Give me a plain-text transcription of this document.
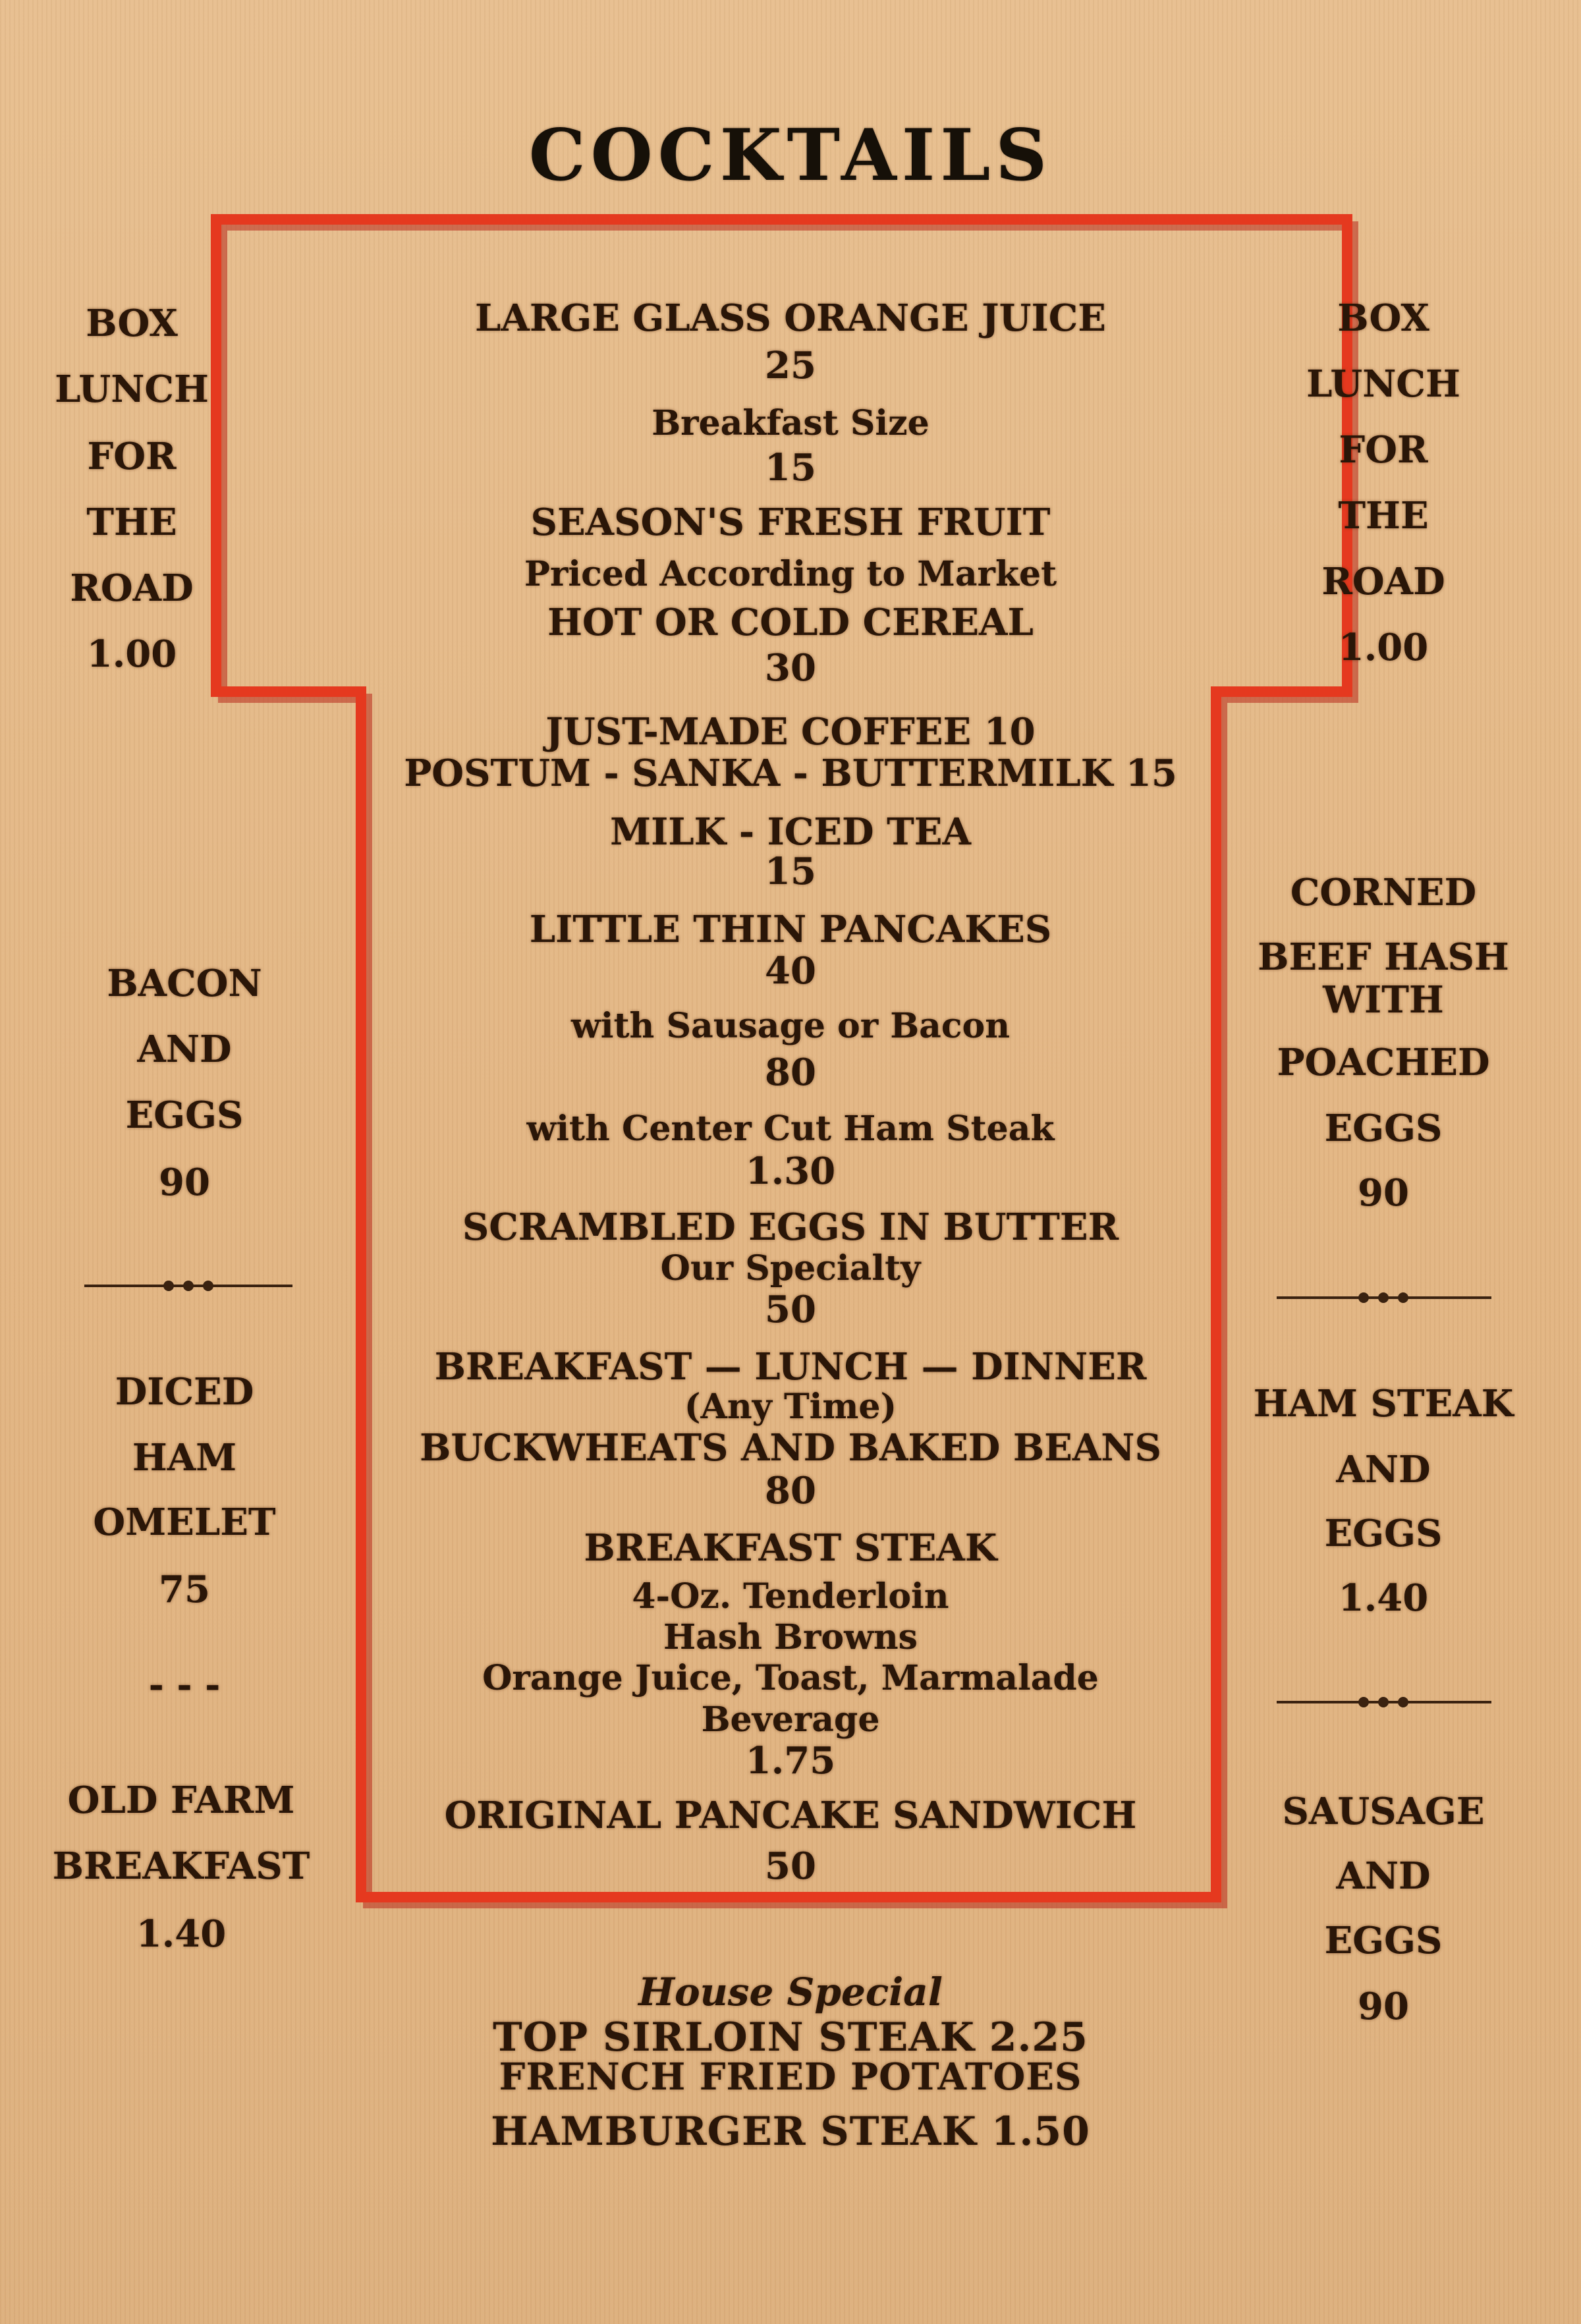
COCKTAILS
LARGE GLASS ORANGE JUICE
25
Breakfast Size
15
SEASON'S FRESH FRUIT
Priced According to Market
HOT OR COLD CEREAL
30
JUST-MADE COFFEE 10
POSTUM - SANKA - BUTTERMILK 15
MILK - ICED TEA
15
LITTLE THIN PANCAKES
40
with Sausage or Bacon
80
with Center Cut Ham Steak
1.30
SCRAMBLED EGGS IN BUTTER
Our Specialty
50
BREAKFAST — LUNCH — DINNER
(Any Time)
BUCKWHEATS AND BAKED BEANS
80
BREAKFAST STEAK
4-Oz. Tenderloin
Hash Browns
Orange Juice, Toast, Marmalade
Beverage
1.75
ORIGINAL PANCAKE SANDWICH
50
BOX
LUNCH
FOR
THE
ROAD
1.00
BACON
AND
EGGS
90
DICED
HAM
OMELET
75
- - -
OLD FARM
BREAKFAST
1.40
BOX
LUNCH
FOR
THE
ROAD
1.00
CORNED
BEEF HASH
WITH
POACHED
EGGS
90
HAM STEAK
AND
EGGS
1.40
SAUSAGE
AND
EGGS
90
House Special
TOP SIRLOIN STEAK 2.25
FRENCH FRIED POTATOES
HAMBURGER STEAK 1.50
